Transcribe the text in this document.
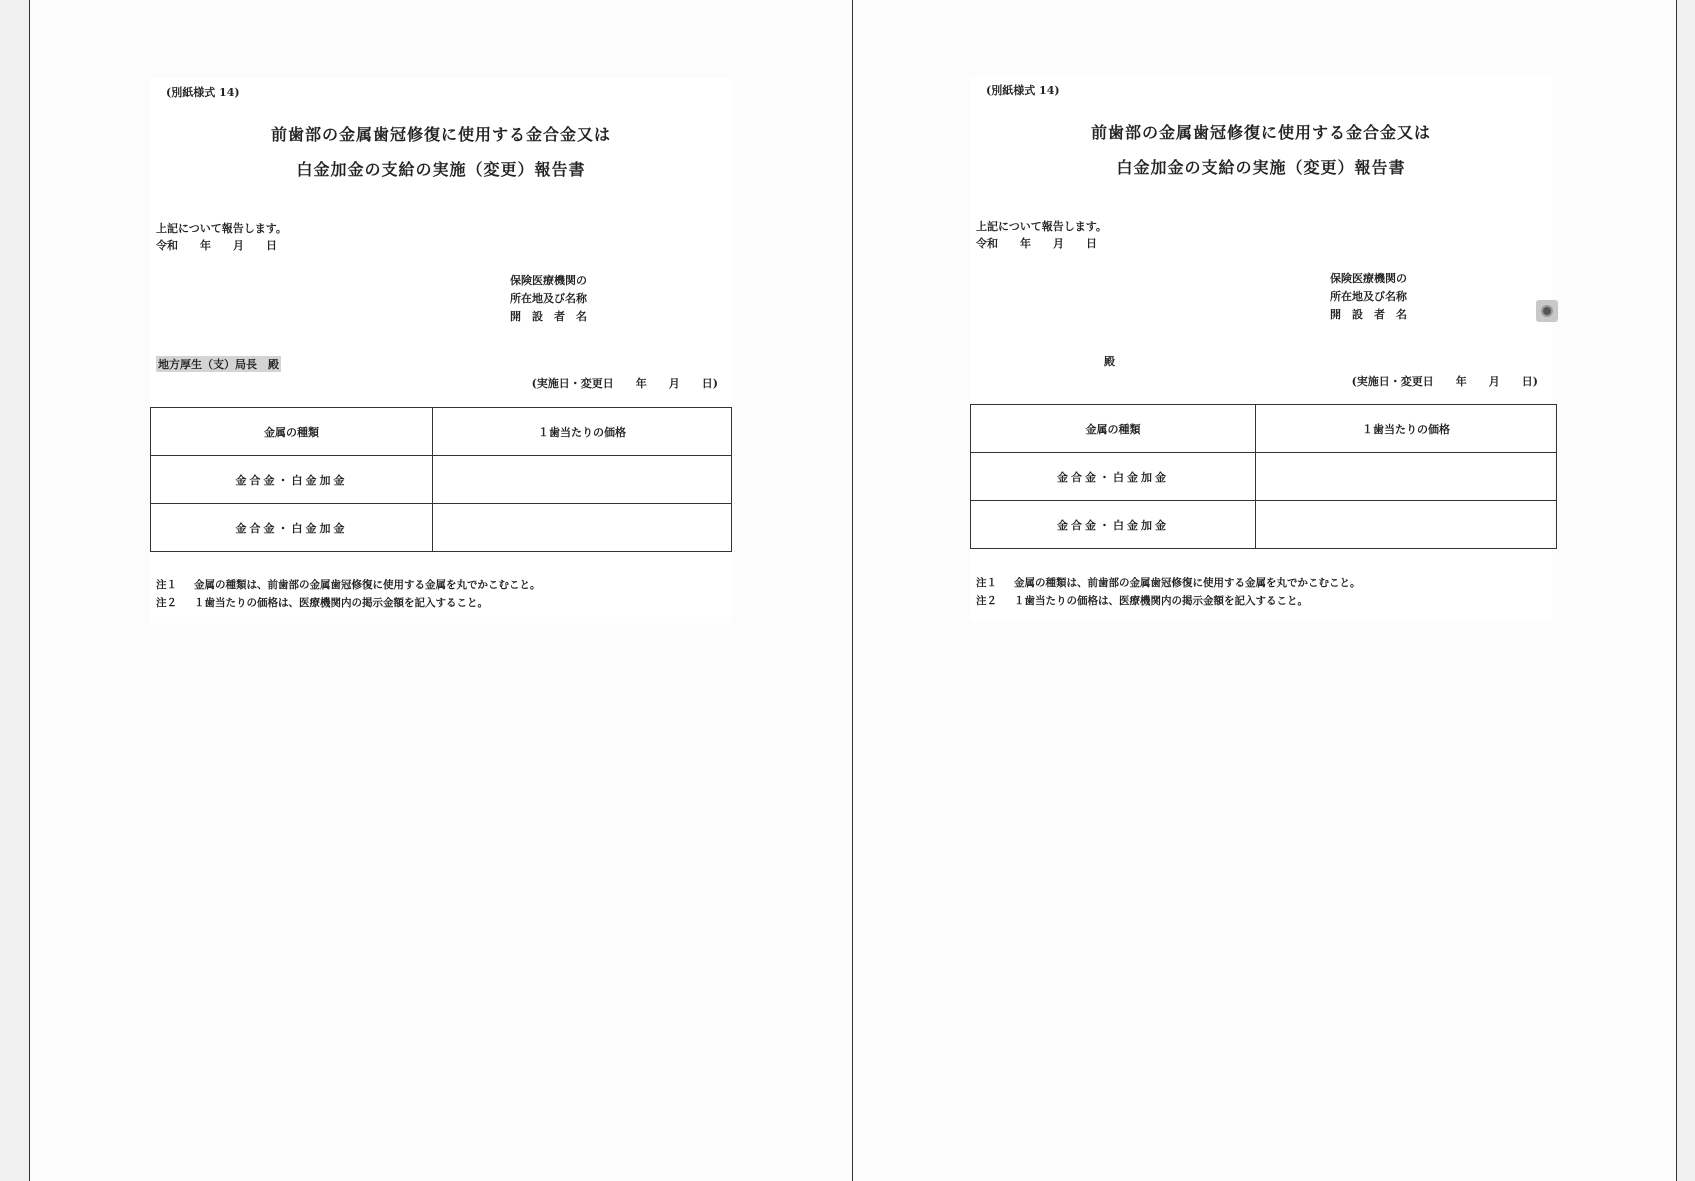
(別紙様式 14)
前歯部の金属歯冠修復に使用する金合金又は
白金加金の支給の実施（変更）報告書
上記について報告します。
令和　　年　　月　　日
保険医療機関の
所在地及び名称
開　設　者　名
地方厚生（支）局長　殿
(実施日・変更日　　年　　月　　日)
金属の種類	１歯当たりの価格
金合金・白金加金	
金合金・白金加金	
注１ 金属の種類は、前歯部の金属歯冠修復に使用する金属を丸でかこむこと。
注２ １歯当たりの価格は、医療機関内の掲示金額を記入すること。
(別紙様式 14)
前歯部の金属歯冠修復に使用する金合金又は
白金加金の支給の実施（変更）報告書
上記について報告します。
令和　　年　　月　　日
保険医療機関の
所在地及び名称
開　設　者　名
殿
(実施日・変更日　　年　　月　　日)
金属の種類	１歯当たりの価格
金合金・白金加金	
金合金・白金加金	
注１ 金属の種類は、前歯部の金属歯冠修復に使用する金属を丸でかこむこと。
注２ １歯当たりの価格は、医療機関内の掲示金額を記入すること。
